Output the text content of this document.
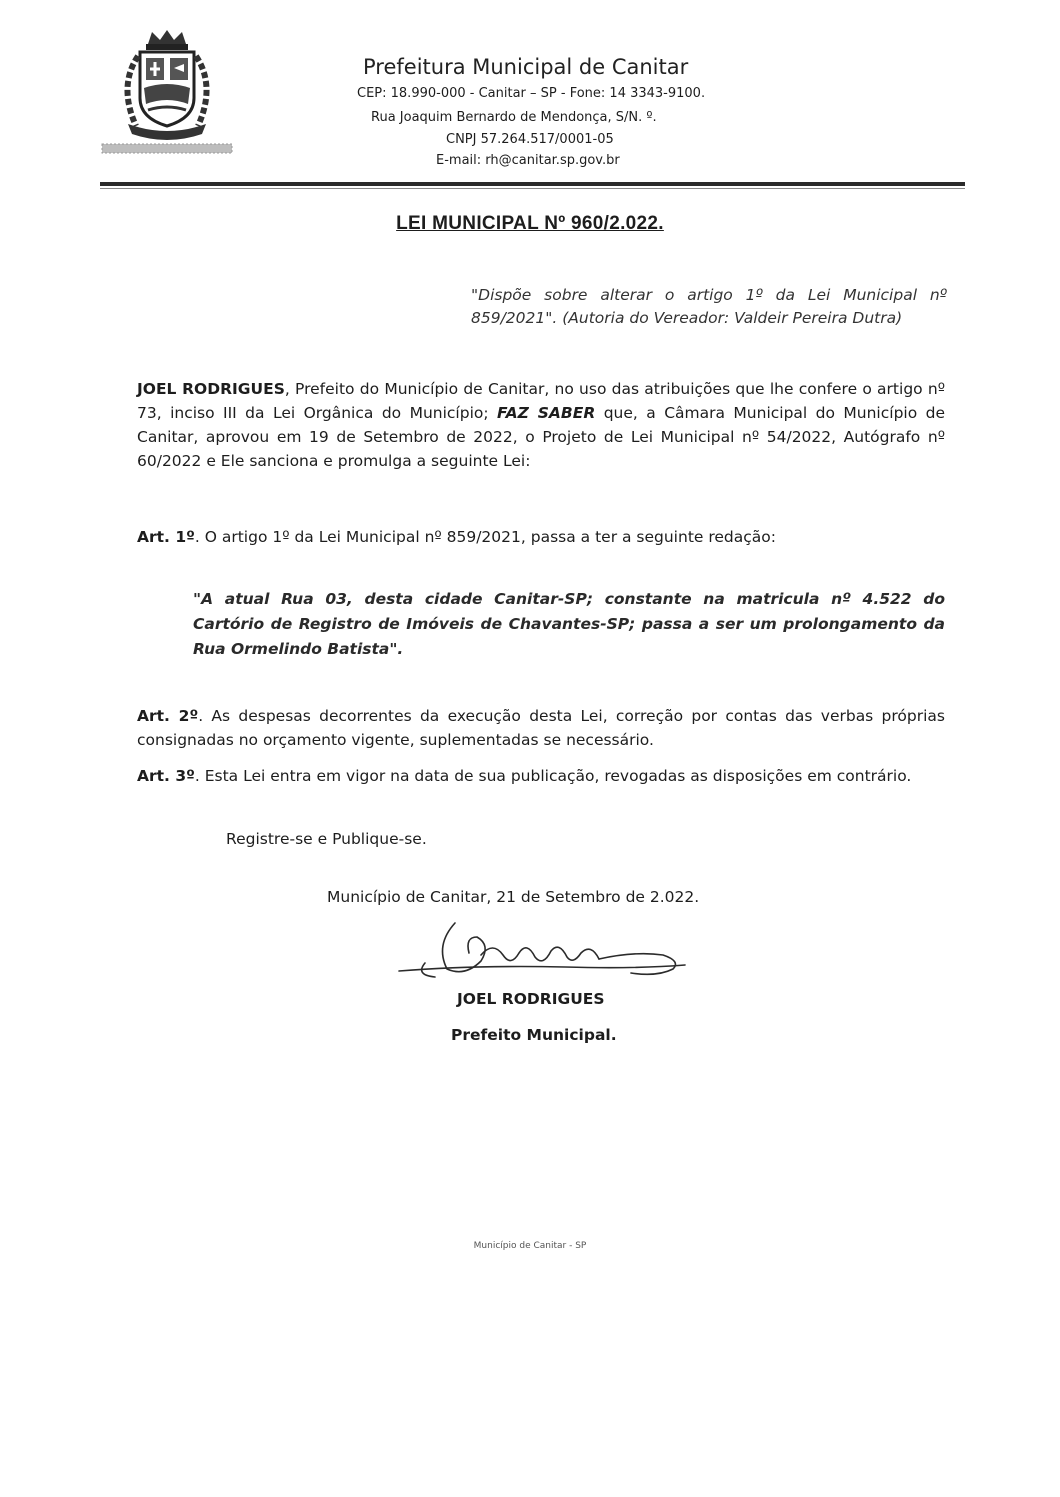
Prefeitura Municipal de Canitar
CEP: 18.990-000 - Canitar – SP - Fone: 14 3343-9100.
Rua Joaquim Bernardo de Mendonça, S/N. º.
CNPJ 57.264.517/0001-05
E-mail: rh@canitar.sp.gov.br
LEI MUNICIPAL Nº 960/2.022.
"Dispõe sobre alterar o artigo 1º da Lei Municipal nº 859/2021". (Autoria do Vereador: Valdeir Pereira Dutra)
JOEL RODRIGUES, Prefeito do Município de Canitar, no uso das atribuições que lhe confere o artigo nº 73, inciso III da Lei Orgânica do Município; FAZ SABER que, a Câmara Municipal do Município de Canitar, aprovou em 19 de Setembro de 2022, o Projeto de Lei Municipal nº 54/2022, Autógrafo nº 60/2022 e Ele sanciona e promulga a seguinte Lei:
Art. 1º. O artigo 1º da Lei Municipal nº 859/2021, passa a ter a seguinte redação:
"A atual Rua 03, desta cidade Canitar-SP; constante na matricula nº 4.522 do Cartório de Registro de Imóveis de Chavantes-SP; passa a ser um prolongamento da Rua Ormelindo Batista".
Art. 2º. As despesas decorrentes da execução desta Lei, correção por contas das verbas próprias consignadas no orçamento vigente, suplementadas se necessário.
Art. 3º. Esta Lei entra em vigor na data de sua publicação, revogadas as disposições em contrário.
Registre-se e Publique-se.
Município de Canitar, 21 de Setembro de 2.022.
JOEL RODRIGUES
Prefeito Municipal.
Município de Canitar - SP
